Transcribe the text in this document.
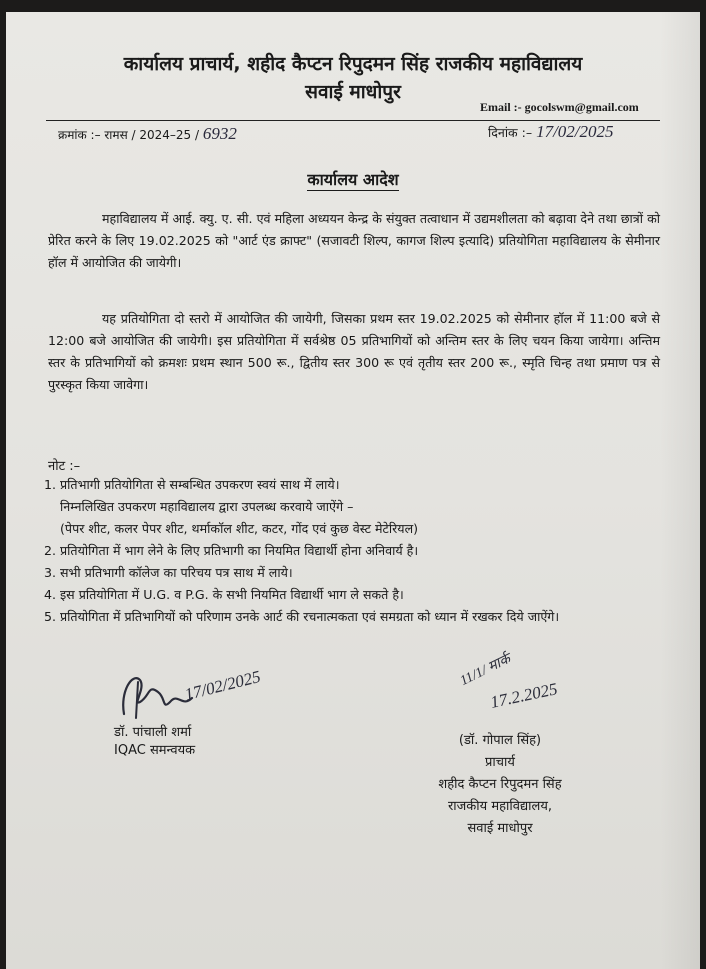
कार्यालय प्राचार्य, शहीद कैप्टन रिपुदमन सिंह राजकीय महाविद्यालय
सवाई माधोपुर
Email :- gocolswm@gmail.com
क्रमांक :– रामस / 2024–25 / 6932	दिनांक :– 17/02/2025
कार्यालय आदेश

महाविद्यालय में आई. क्यु. ए. सी. एवं महिला अध्ययन केन्द्र के संयुक्त तत्वाधान में उद्यमशीलता को बढ़ावा देने तथा छात्रों को प्रेरित करने के लिए 19.02.2025 को "आर्ट एंड क्राफ्ट" (सजावटी शिल्प, कागज शिल्प इत्यादि) प्रतियोगिता महाविद्यालय के सेमीनार हॉल में आयोजित की जायेगी।

यह प्रतियोगिता दो स्तरो में आयोजित की जायेगी, जिसका प्रथम स्तर 19.02.2025 को सेमीनार हॉल में 11:00 बजे से 12:00 बजे आयोजित की जायेगी। इस प्रतियोगिता में सर्वश्रेष्ठ 05 प्रतिभागियों को अन्तिम स्तर के लिए चयन किया जायेगा। अन्तिम स्तर के प्रतिभागियों को क्रमशः प्रथम स्थान 500 रू., द्वितीय स्तर 300 रू एवं तृतीय स्तर 200 रू., स्मृति चिन्ह तथा प्रमाण पत्र से पुरस्कृत किया जावेगा।

नोट :–
1. प्रतिभागी प्रतियोगिता से सम्बन्धित उपकरण स्वयं साथ में लाये।
निम्नलिखित उपकरण महाविद्यालय द्वारा उपलब्ध करवाये जाऐंगे –
(पेपर शीट, कलर पेपर शीट, थर्माकॉल शीट, कटर, गोंद एवं कुछ वेस्ट मेटेरियल)
2. प्रतियोगिता में भाग लेने के लिए प्रतिभागी का नियमित विद्यार्थी होना अनिवार्य है।
3. सभी प्रतिभागी कॉलेज का परिचय पत्र साथ में लाये।
4. इस प्रतियोगिता में U.G. व P.G. के सभी नियमित विद्यार्थी भाग ले सकते है।
5. प्रतियोगिता में प्रतिभागियों को परिणाम उनके आर्ट की रचनात्मकता एवं समग्रता को ध्यान में रखकर दिये जाऐंगे।
17/02/2025
डॉ. पांचाली शर्मा
IQAC समन्वयक
11/1/ मार्क
17.2.2025
(डॉ. गोपाल सिंह)
प्राचार्य
शहीद कैप्टन रिपुदमन सिंह
राजकीय महाविद्यालय,
सवाई माधोपुर
